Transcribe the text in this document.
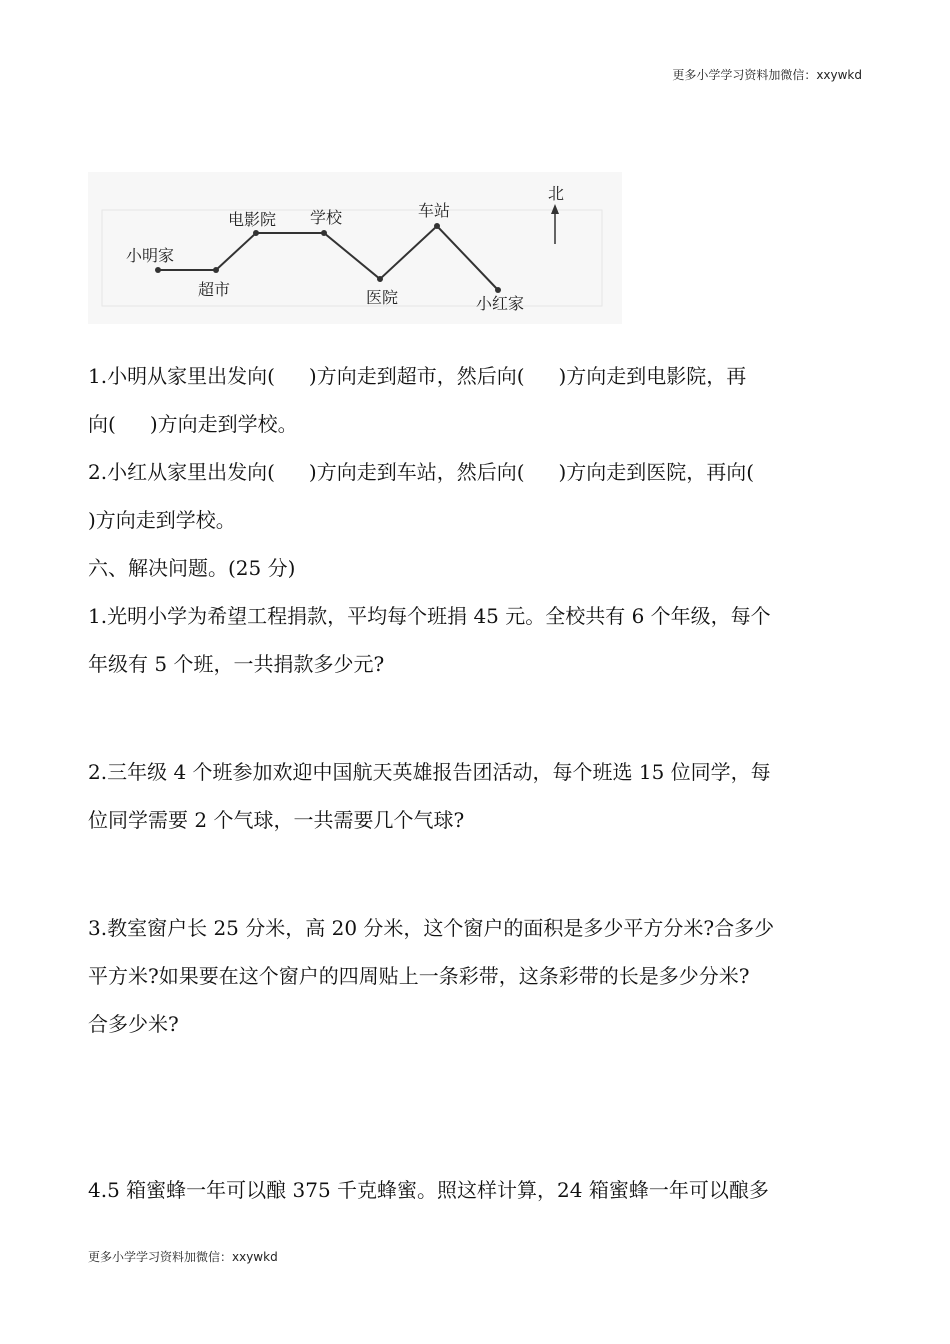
更多小学学习资料加微信：xxywkd
小明家
超市
电影院 学校
医院
车站
小红家
北
1.小明从家里出发向( )方向走到超市，然后向( )方向走到电影院，再
向( )方向走到学校。
2.小红从家里出发向( )方向走到车站，然后向( )方向走到医院，再向(
)方向走到学校。
六、解决问题。(25 分)
1.光明小学为希望工程捐款，平均每个班捐 45 元。全校共有 6 个年级，每个
年级有 5 个班，一共捐款多少元?
2.三年级 4 个班参加欢迎中国航天英雄报告团活动，每个班选 15 位同学，每
位同学需要 2 个气球，一共需要几个气球?
3.教室窗户长 25 分米，高 20 分米，这个窗户的面积是多少平方分米?合多少
平方米?如果要在这个窗户的四周贴上一条彩带，这条彩带的长是多少分米?
合多少米?
4.5 箱蜜蜂一年可以酿 375 千克蜂蜜。照这样计算，24 箱蜜蜂一年可以酿多
更多小学学习资料加微信：xxywkd
